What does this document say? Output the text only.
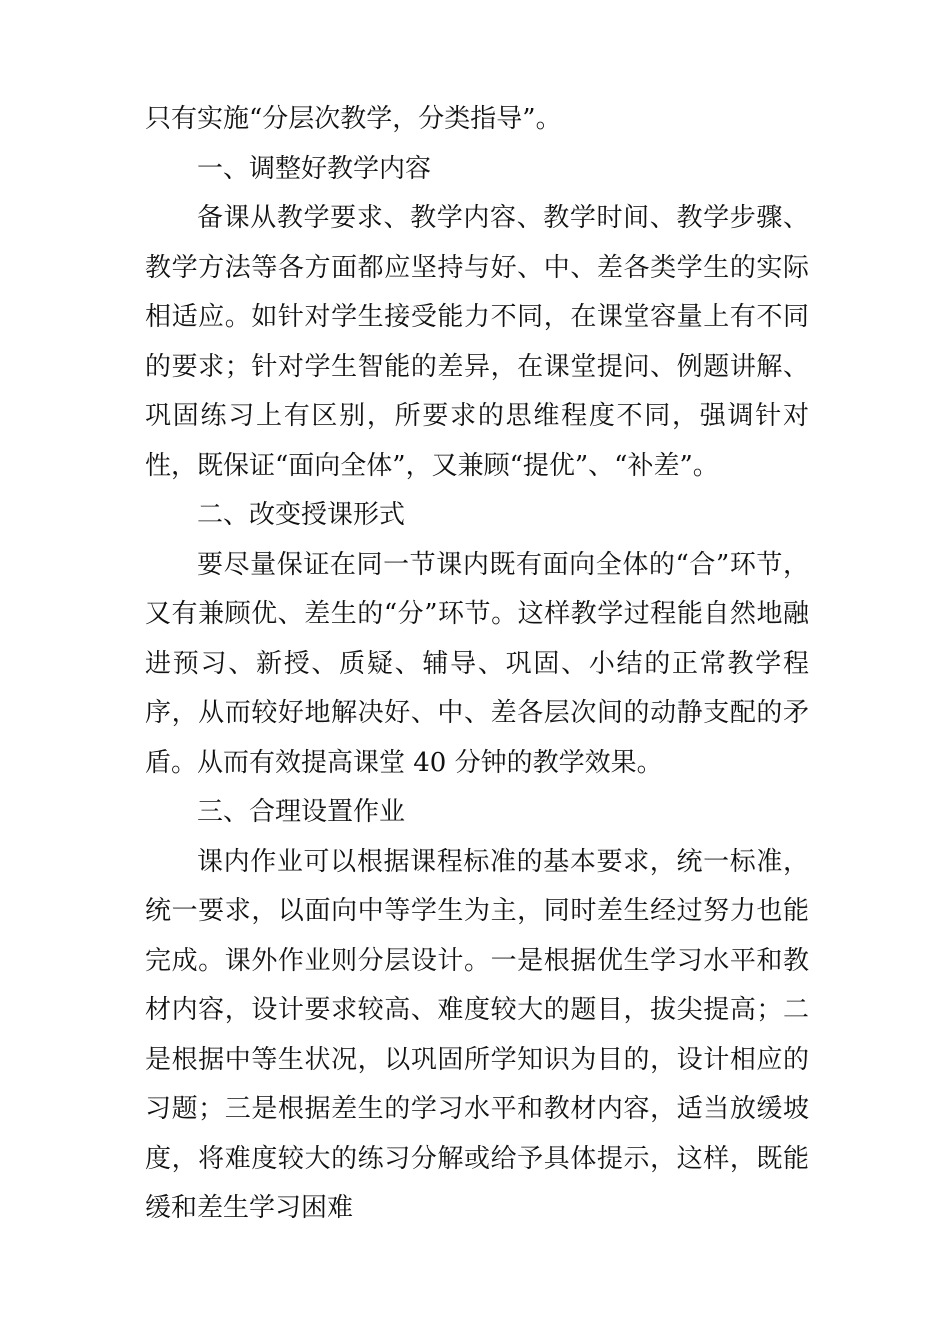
只有实施“分层次教学，分类指导”。

一、调整好教学内容

备课从教学要求、教学内容、教学时间、教学步骤、教学方法等各方面都应坚持与好、中、差各类学生的实际相适应。如针对学生接受能力不同，在课堂容量上有不同的要求；针对学生智能的差异，在课堂提问、例题讲解、巩固练习上有区别，所要求的思维程度不同，强调针对性，既保证“面向全体”，又兼顾“提优”、“补差”。

二、改变授课形式

要尽量保证在同一节课内既有面向全体的“合”环节，又有兼顾优、差生的“分”环节。这样教学过程能自然地融进预习、新授、质疑、辅导、巩固、小结的正常教学程序，从而较好地解决好、中、差各层次间的动静支配的矛盾。从而有效提高课堂 40 分钟的教学效果。

三、合理设置作业

课内作业可以根据课程标准的基本要求，统一标准，统一要求，以面向中等学生为主，同时差生经过努力也能完成。课外作业则分层设计。一是根据优生学习水平和教材内容，设计要求较高、难度较大的题目，拔尖提高；二是根据中等生状况，以巩固所学知识为目的，设计相应的习题；三是根据差生的学习水平和教材内容，适当放缓坡度，将难度较大的练习分解或给予具体提示，这样，既能缓和差生学习困难
